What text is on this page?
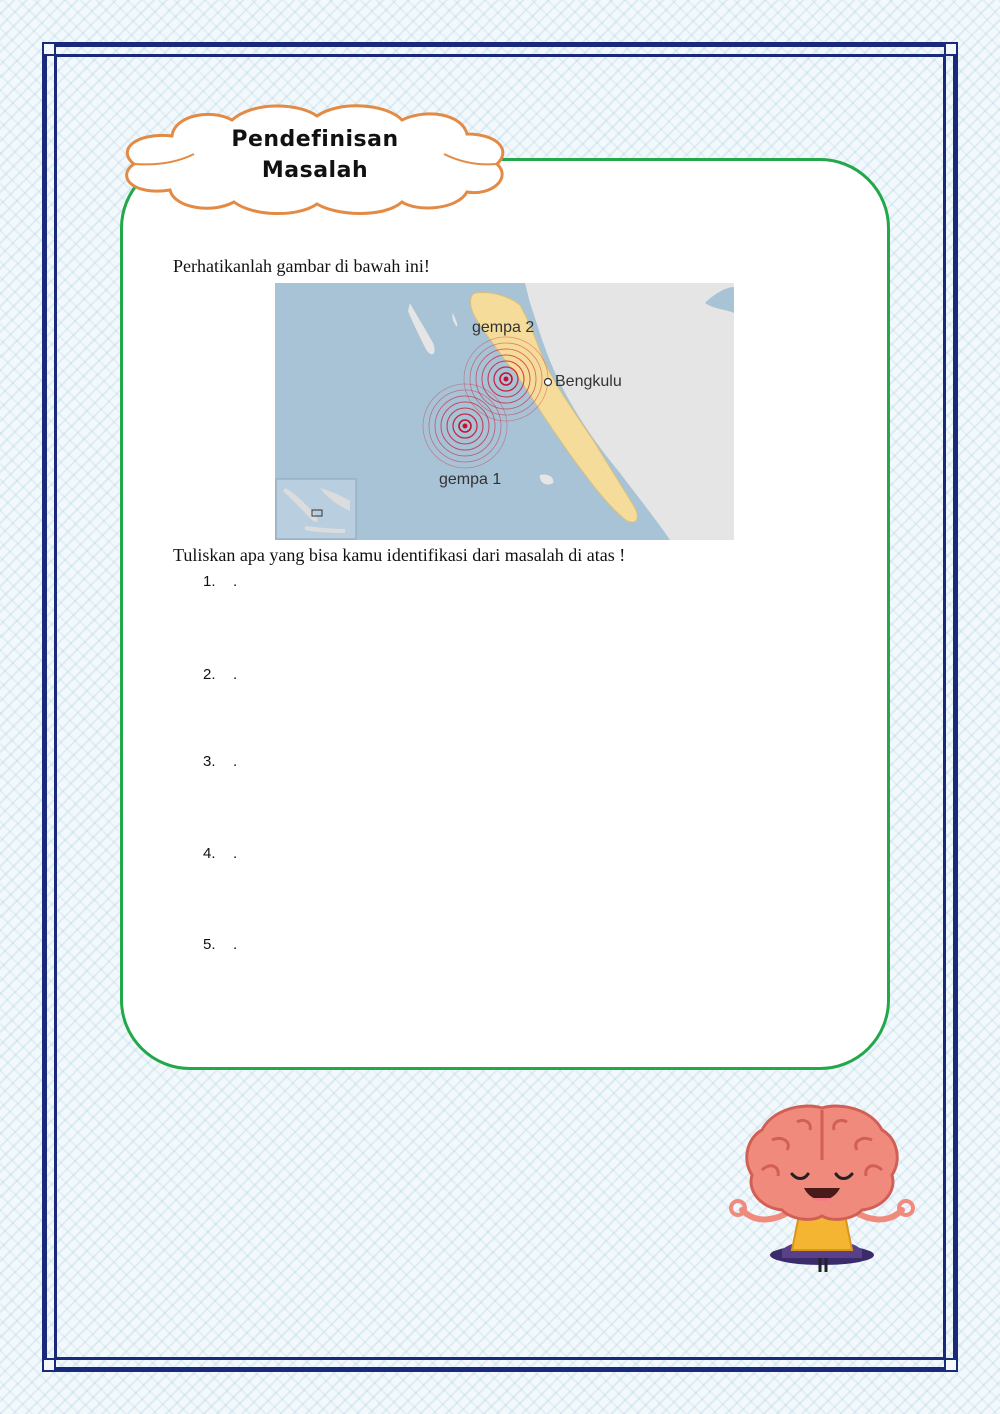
Pendefinisan
Masalah
Perhatikanlah gambar di bawah ini!
gempa 2
Bengkulu
gempa 1
Tuliskan apa yang bisa kamu identifikasi dari masalah di atas !
1. .
2. .
3. .
4. .
5. .
